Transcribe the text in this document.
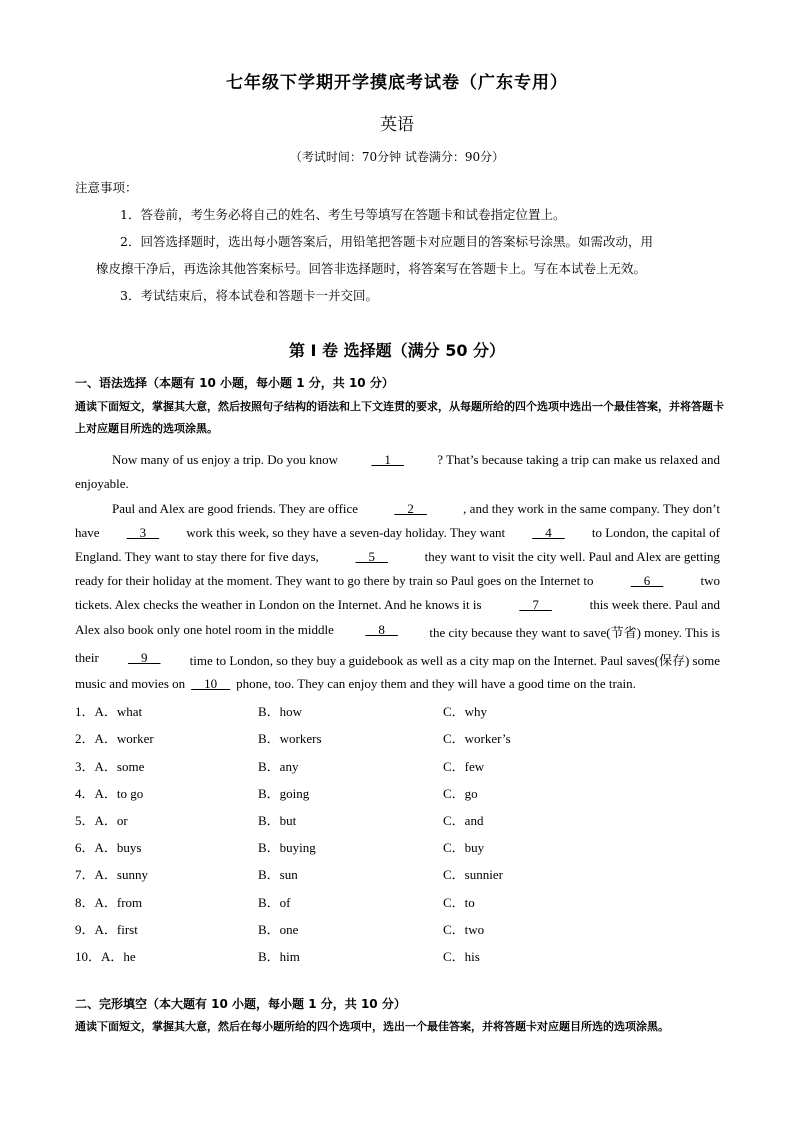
七年级下学期开学摸底考试卷（广东专用）
英语
（考试时间：70分钟 试卷满分：90分）
注意事项：
1．答卷前，考生务必将自己的姓名、考生号等填写在答题卡和试卷指定位置上。
2．回答选择题时，选出每小题答案后，用铅笔把答题卡对应题目的答案标号涂黑。如需改动，用
橡皮擦干净后，再选涂其他答案标号。回答非选择题时，将答案写在答题卡上。写在本试卷上无效。
3．考试结束后，将本试卷和答题卡一并交回。
第 I 卷 选择题（满分 50 分）
一、语法选择（本题有 10 小题，每小题 1 分，共 10 分）
通读下面短文，掌握其大意，然后按照句子结构的语法和上下文连贯的要求，从每题所给的四个选项中选出一个最佳答案，并将答题卡上对应题目所选的选项涂黑。
Now many of us enjoy a trip. Do you know	1	? That’s because taking a trip can make us relaxed and
enjoyable.
Paul and Alex are good friends. They are office	2	, and they work in the same company. They don’t
have 3 work this week, so they have a seven-day holiday. They want 4 to London, the capital of
England. They want to stay there for five days,	5	they want to visit the city well. Paul and Alex are getting
ready for their holiday at the moment. They want to go there by train so Paul goes on the Internet to	6	two
tickets. Alex checks the weather in London on the Internet. And he knows it is	7	this week there. Paul and
Alex also book only one hotel room in the middle 8 the city because they want to save(节省) money. This is
their 9 time to London, so they buy a guidebook as well as a city map on the Internet. Paul saves(保存) some
music and movies on 10 phone, too. They can enjoy them and they will have a good time on the train.
1．A．what	B．how	C．why
2．A．worker	B．workers	C．worker’s
3．A．some	B．any	C．few
4．A．to go	B．going	C．go
5．A．or	B．but	C．and
6．A．buys	B．buying	C．buy
7．A．sunny	B．sun	C．sunnier
8．A．from	B．of	C．to
9．A．first	B．one	C．two
10．A．he	B．him	C．his
二、完形填空（本大题有 10 小题，每小题 1 分，共 10 分）
通读下面短文，掌握其大意，然后在每小题所给的四个选项中，选出一个最佳答案，并将答题卡对应题目所选的选项涂黑。
